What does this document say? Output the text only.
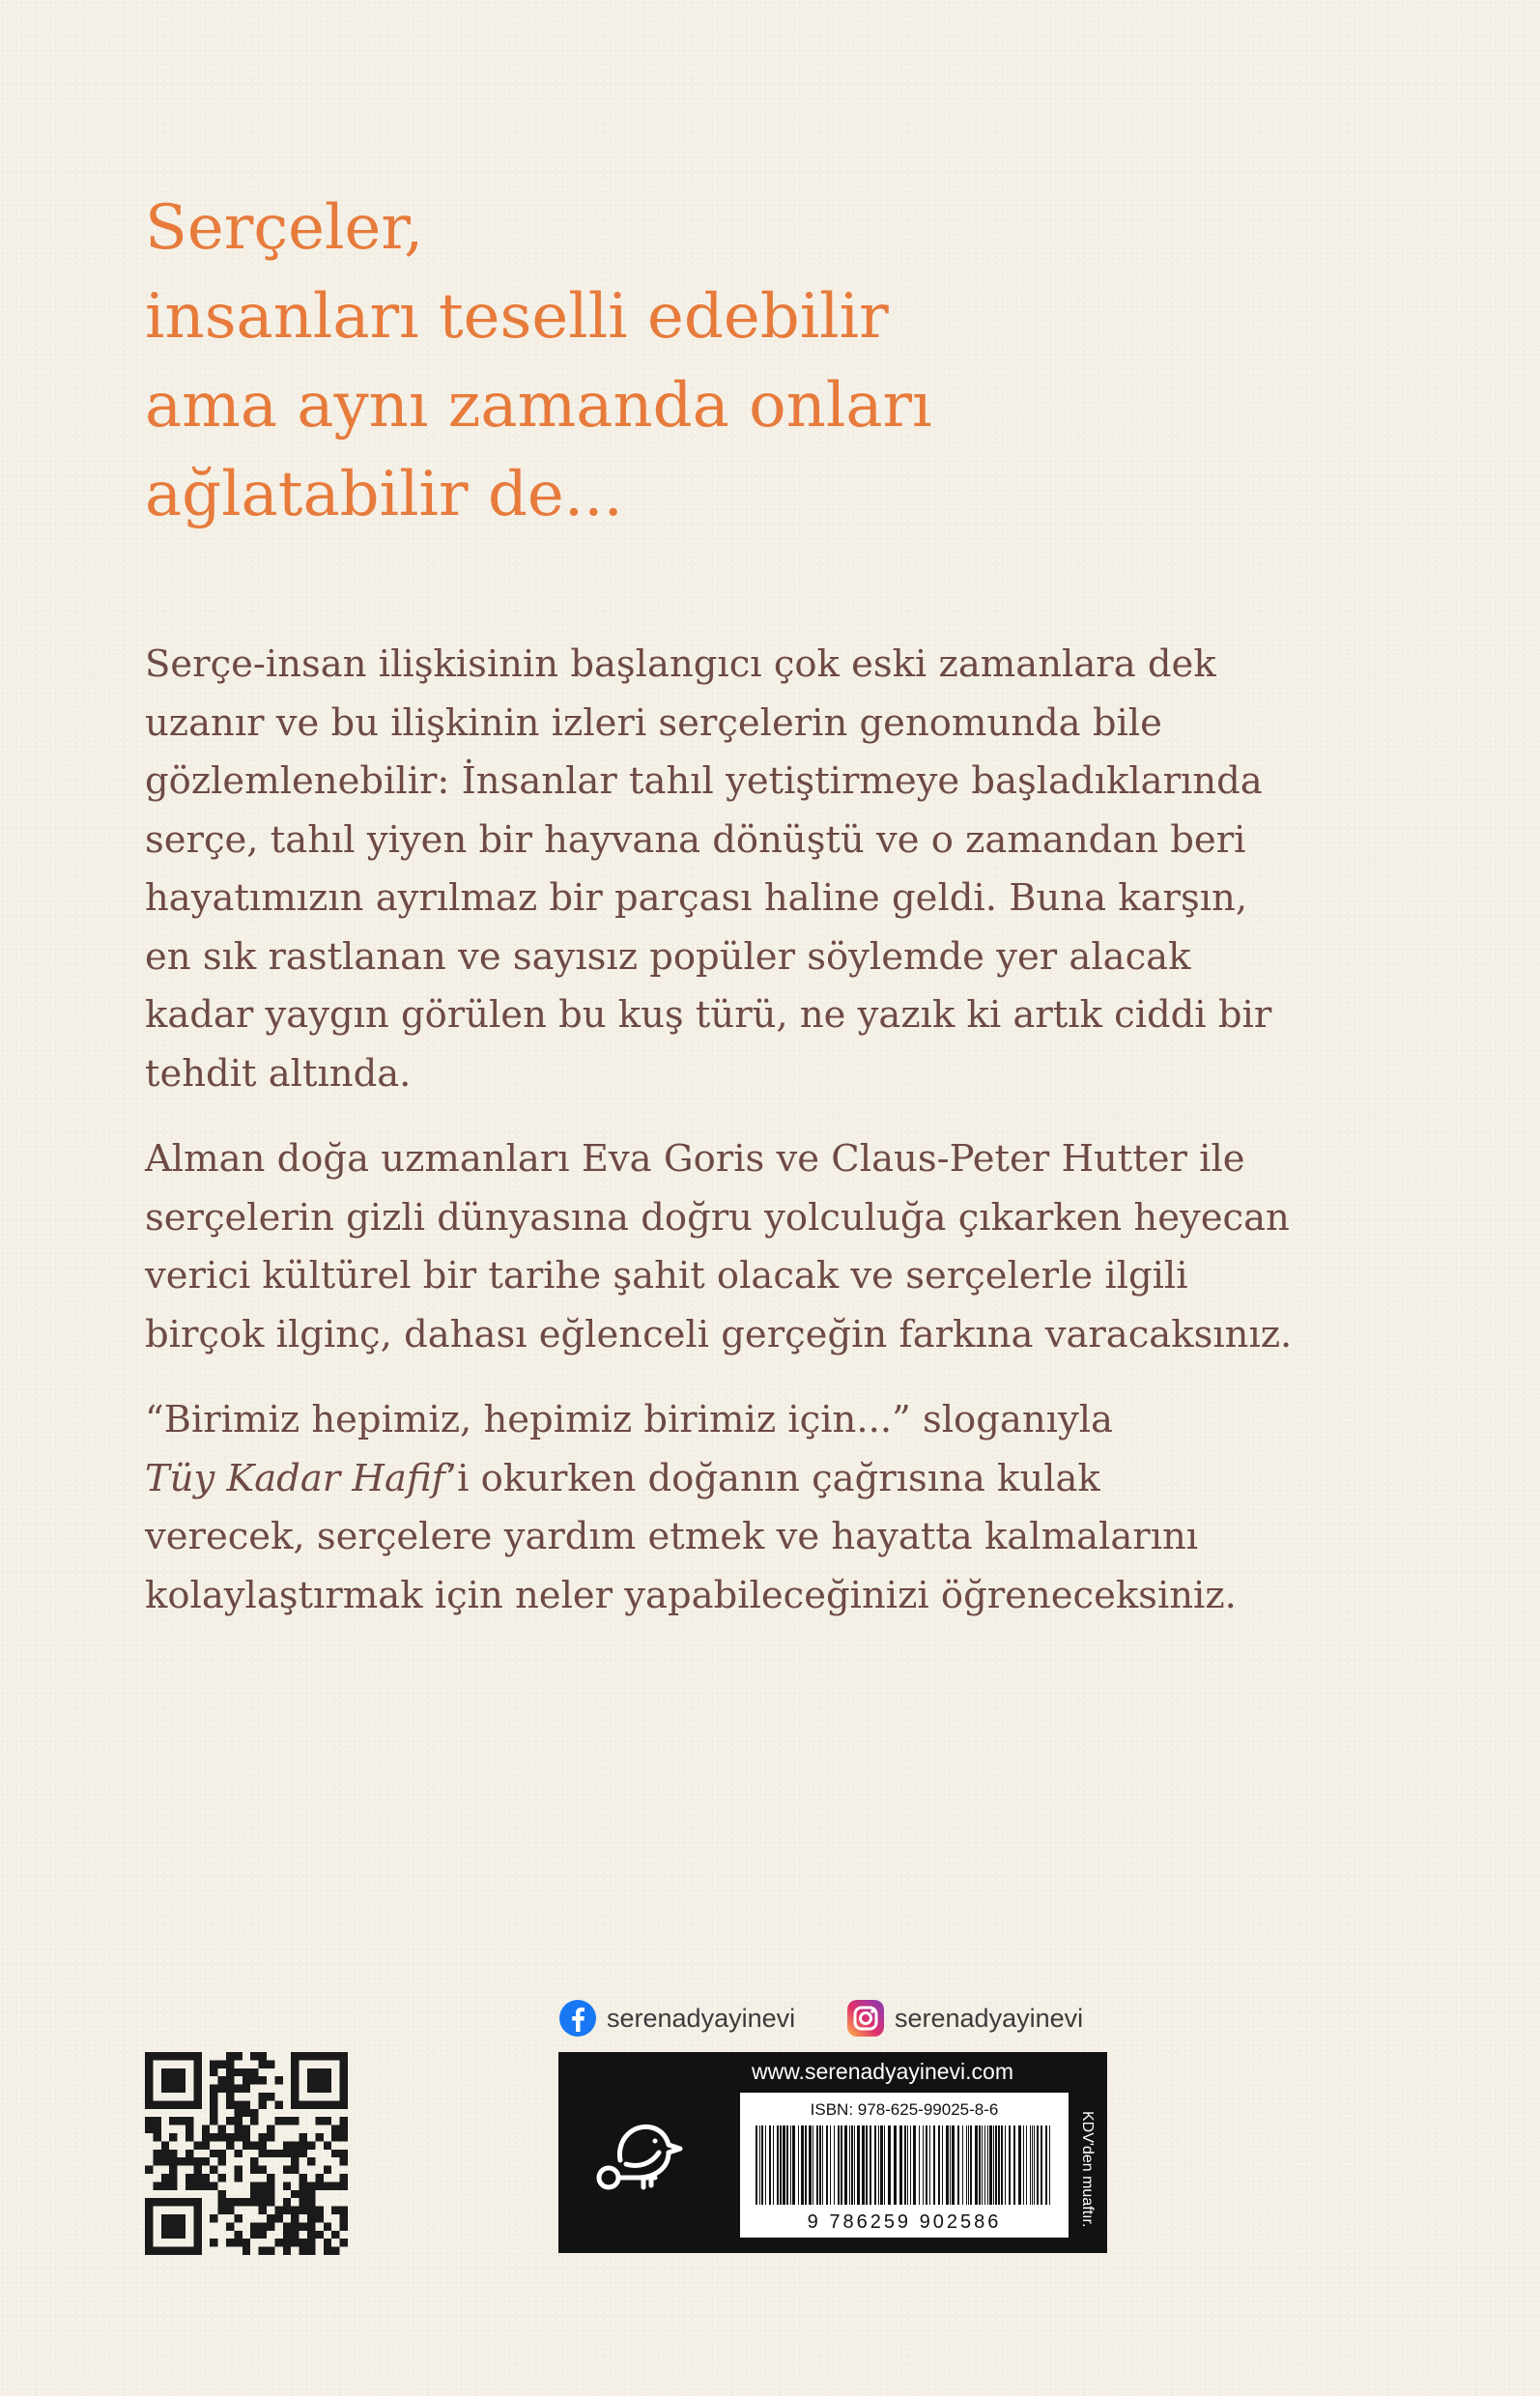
Serçeler,
insanları teselli edebilir
ama aynı zamanda onları
ağlatabilir de...
Serçe-insan ilişkisinin başlangıcı çok eski zamanlara dek
uzanır ve bu ilişkinin izleri serçelerin genomunda bile
gözlemlenebilir: İnsanlar tahıl yetiştirmeye başladıklarında
serçe, tahıl yiyen bir hayvana dönüştü ve o zamandan beri
hayatımızın ayrılmaz bir parçası haline geldi. Buna karşın,
en sık rastlanan ve sayısız popüler söylemde yer alacak
kadar yaygın görülen bu kuş türü, ne yazık ki artık ciddi bir
tehdit altında.
Alman doğa uzmanları Eva Goris ve Claus-Peter Hutter ile
serçelerin gizli dünyasına doğru yolculuğa çıkarken heyecan
verici kültürel bir tarihe şahit olacak ve serçelerle ilgili
birçok ilginç, dahası eğlenceli gerçeğin farkına varacaksınız.
“Birimiz hepimiz, hepimiz birimiz için...” sloganıyla
Tüy Kadar Hafif’i okurken doğanın çağrısına kulak
verecek, serçelere yardım etmek ve hayatta kalmalarını
kolaylaştırmak için neler yapabileceğinizi öğreneceksiniz.
serenadyayinevi	serenadyayinevi
www.serenadyayinevi.com
ISBN: 978-625-99025-8-6
9 786259 902586	KDV'den muaftır.
